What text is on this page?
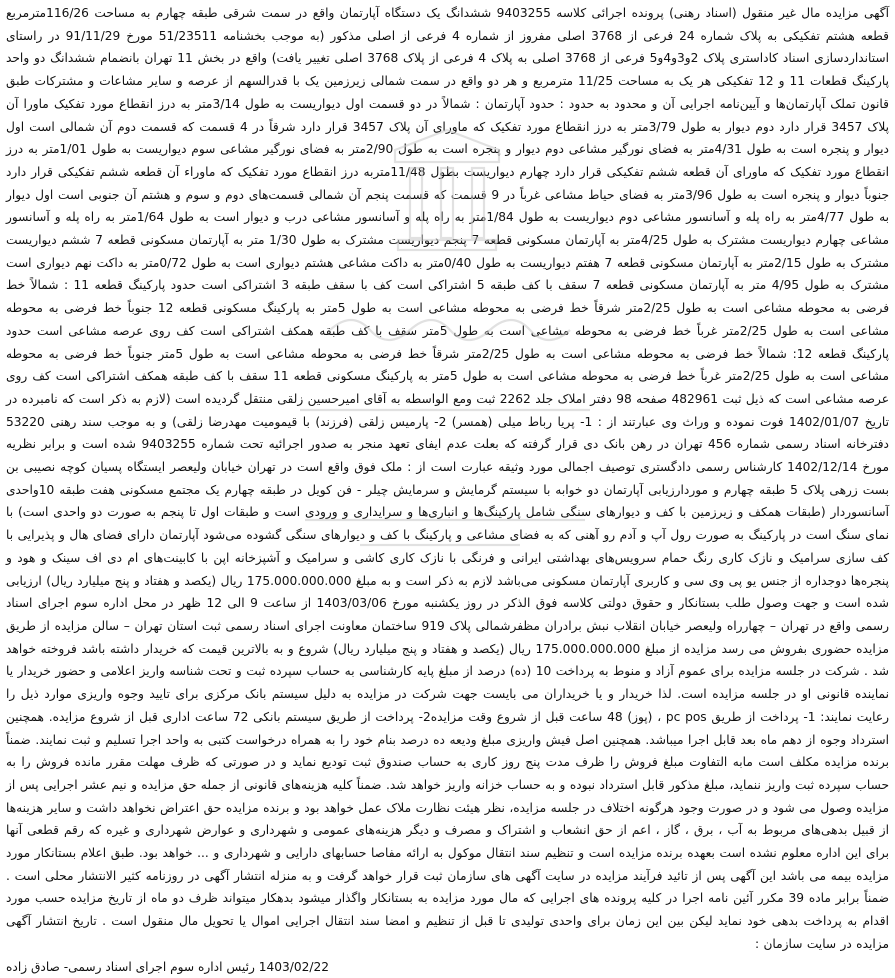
آگهی مزایده مال غیر منقول (اسناد رهنی) پرونده اجرائی کلاسه 9403255 ششدانگ یک دستگاه آپارتمان واقع در سمت شرقی طبقه چهارم به مساحت 116/26مترمربع قطعه هشتم تفکیکی به پلاک شماره 24 فرعی از 3768 اصلی مفروز از شماره 4 فرعی از اصلی مذکور (به موجب بخشنامه 51/23511 مورخ 91/11/29 در راستای استانداردسازی اسناد کاداستری پلاک 2و3و4و5 فرعی از 3768 اصلی به پلاک 4 فرعی از پلاک 3768 اصلی تغییر یافت) واقع در بخش 11 تهران بانضمام ششدانگ دو واحد پارکینگ قطعات 11 و 12 تفکیکی هر یک به مساحت 11/25 مترمربع و هر دو واقع در سمت شمالی زیرزمین یک با قدرالسهم از عرصه و سایر مشاعات و مشترکات طبق قانون تملک آپارتمان‌ها و آیین‌نامه اجرایی آن و محدود به حدود : حدود آپارتمان : شمالاً در دو قسمت اول دیواریست به طول 3/14متر به درز انقطاع مورد تفکیک ماورا آن پلاک 3457 قرار دارد دوم دیوار به طول 3/79متر به درز انقطاع مورد تفکیک که ماورای آن پلاک 3457 قرار دارد شرقاً در 4 قسمت که قسمت دوم آن شمالی است اول دیوار و پنجره است به طول 4/31متر به فضای نورگیر مشاعی دوم دیوار و پنجره است به طول 2/90متر به فضای نورگیر مشاعی سوم دیواریست به طول 1/01متر به درز انقطاع مورد تفکیک که ماورای آن قطعه ششم تفکیکی قرار دارد چهارم دیواریست بطول 11/48متربه درز انقطاع مورد تفکیک که ماوراء آن قطعه ششم تفکیکی قرار دارد جنوباً دیوار و پنجره است به طول 3/96متر به فضای حیاط مشاعی غرباً در 9 قسمت که قسمت پنجم آن شمالی قسمت‌های دوم و سوم و هشتم آن جنوبی است اول دیوار به طول 4/77متر به راه پله و آسانسور مشاعی دوم دیواریست به طول 1/84متر به راه پله و آسانسور مشاعی درب و دیوار است به طول 1/64متر به راه پله و آسانسور مشاعی چهارم دیواریست مشترک به طول 4/25متر به آپارتمان مسکونی قطعه 7 پنجم دیواریست مشترک به طول 1/30 متر به آپارتمان مسکونی قطعه 7 ششم دیواریست مشترک به طول 2/15متر به آپارتمان مسکونی قطعه 7 هفتم دیواریست به طول 0/40متر به داکت مشاعی هشتم دیواری است به طول 0/72متر به داکت نهم دیواری است مشترک به طول 4/95 متر به آپارتمان مسکونی قطعه 7 سقف با کف طبقه 5 اشتراکی است کف با سقف طبقه 3 اشتراکی است حدود پارکینگ قطعه 11 : شمالاً خط فرضی به محوطه مشاعی است به طول 2/25متر شرقاً خط فرضی به محوطه مشاعی است به طول 5متر به پارکینگ مسکونی قطعه 12 جنوباً خط فرضی به محوطه مشاعی است به طول 2/25متر غرباً خط فرضی به محوطه مشاعی است به طول 5متر سقف با کف طبقه همکف اشتراکی است کف روی عرصه مشاعی است حدود پارکینگ قطعه 12: شمالاً خط فرضی به محوطه مشاعی است به طول 2/25متر شرقاً خط فرضی به محوطه مشاعی است به طول 5متر جنوباً خط فرضی به محوطه مشاعی است به طول 2/25متر غرباً خط فرضی به محوطه مشاعی است به طول 5متر به پارکینگ مسکونی قطعه 11 سقف با کف طبقه همکف اشتراکی است کف روی عرصه مشاعی است که ذیل ثبت 482961 صفحه 98 دفتر املاک جلد 2262 ثبت ومع الواسطه به آقای امیرحسین زلقی منتقل گردیده است (لازم به ذکر است که نامبرده در تاریخ 1402/01/07 فوت نموده و وراث وی عبارتند از : 1- پریا رباط میلی (همسر) 2- پارمیس زلقی (فرزند) با قیمومیت مهدرضا زلقی) و به موجب سند رهنی 53220 دفترخانه اسناد رسمی شماره 456 تهران در رهن بانک دی قرار گرفته که بعلت عدم ایفای تعهد منجر به صدور اجرائیه تحت شماره 9403255 شده است و برابر نظریه مورخ 1402/12/14 کارشناس رسمی دادگستری توصیف اجمالی مورد وثیقه عبارت است از : ملک فوق واقع است در تهران خیابان ولیعصر ایستگاه پسیان کوچه نصیبی بن بست زرهی پلاک 5 طبقه چهارم و موردارزیابی آپارتمان دو خوابه با سیستم گرمایش و سرمایش چیلر - فن کویل در طبقه چهارم یک مجتمع مسکونی هفت طبقه 10واحدی آسانسوردار (طبقات همکف و زیرزمین با کف و دیوارهای سنگی شامل پارکینگ‌ها و انباری‌ها و سرایداری و ورودی است و طبقات اول تا پنجم به صورت دو واحدی است) با نمای سنگ است در پارکینگ به صورت رول آپ و آدم رو آهنی که به فضای مشاعی و پارکینگ با کف و دیوارهای سنگی گشوده می‌شود آپارتمان دارای فضای هال و پذیرایی با کف سازی سرامیک و نازک کاری رنگ حمام سرویس‌های بهداشتی ایرانی و فرنگی با نازک کاری کاشی و سرامیک و آشپزخانه اپن با کابینت‌های ام دی اف سینک و هود و پنجره‌ها دوجداره از جنس یو پی وی سی و کاربری آپارتمان مسکونی می‌باشد لازم به ذکر است و به مبلغ 175.000.000.000 ریال (یکصد و هفتاد و پنج میلیارد ریال) ارزیابی شده است و جهت وصول طلب بستانکار و حقوق دولتی کلاسه فوق الذکر در روز یکشنبه مورخ 1403/03/06 از ساعت 9 الی 12 ظهر در محل اداره سوم اجرای اسناد رسمی واقع در تهران – چهارراه ولیعصر خیابان انقلاب نبش برادران مظفرشمالی پلاک 919 ساختمان معاونت اجرای اسناد رسمی ثبت استان تهران – سالن مزایده از طریق مزایده حضوری بفروش می رسد مزایده از مبلغ 175.000.000.000 ریال (یکصد و هفتاد و پنج میلیارد ریال) شروع و به بالاترین قیمت که خریدار داشته باشد فروخته خواهد شد . شرکت در جلسه مزایده برای عموم آزاد و منوط به پرداخت 10 (ده) درصد از مبلغ پایه کارشناسی به حساب سپرده ثبت و تحت شناسه واریز اعلامی و حضور خریدار یا نماینده قانونی او در جلسه مزایده است. لذا خریدار و یا خریداران می بایست جهت شرکت در مزایده به دلیل سیستم بانک مرکزی برای تایید وجوه واریزی موارد ذیل را رعایت نمایند: 1- پرداخت از طریق pc pos ، (پوز) 48 ساعت قبل از شروع وقت مزایده2- پرداخت از طریق سیستم بانکی 72 ساعت اداری قبل از شروع مزایده. همچنین استرداد وجوه از دهم ماه بعد قابل اجرا میباشد. همچنین اصل فیش واریزی مبلغ ودیعه ده درصد بنام خود را به همراه درخواست کتبی به واحد اجرا تسلیم و ثبت نمایند. ضمناً برنده مزایده مکلف است مابه التفاوت مبلغ فروش را ظرف مدت پنج روز کاری به حساب صندوق ثبت تودیع نماید و در صورتی که ظرف مهلت مقرر مانده فروش را به حساب سپرده ثبت واریز ننماید، مبلغ مذکور قابل استرداد نبوده و به حساب خزانه واریز خواهد شد. ضمناً کلیه هزینه‌های قانونی از جمله حق مزایده و نیم عشر اجرایی پس از مزایده وصول می شود و در صورت وجود هرگونه اختلاف در جلسه مزایده، نظر هیئت نظارت ملاک عمل خواهد بود و برنده مزایده حق اعتراض نخواهد داشت و سایر هزینه‌ها از قبیل بدهی‌های مربوط به آب ، برق ، گاز ، اعم از حق انشعاب و اشتراک و مصرف و دیگر هزینه‌های عمومی و شهرداری و عوارض شهرداری و غیره که رقم قطعی آنها برای این اداره معلوم نشده است بعهده برنده مزایده است و تنظیم سند انتقال موکول به ارائه مفاصا حسابهای دارایی و شهرداری و ... خواهد بود. طبق اعلام بستانکار مورد مزایده بیمه می باشد این آگهی پس از تائید فرآیند مزایده در سایت آگهی های سازمان ثبت قرار خواهد گرفت و به منزله انتشار آگهی در روزنامه کثیر الانتشار محلی است . ضمناً برابر ماده 39 مکرر آئین نامه اجرا در کلیه پرونده های اجرایی که مال مورد مزایده به بستانکار واگذار میشود بدهکار میتواند ظرف دو ماه از تاریخ مزایده حسب مورد اقدام به پرداخت بدهی خود نماید لیکن بین این زمان برای واحدی تولیدی تا قبل از تنظیم و امضا سند انتقال اجرایی اموال یا تحویل مال منقول است . تاریخ انتشار آگهی مزایده در سایت سازمان :

1403/02/22 رئیس اداره سوم اجرای اسناد رسمی- صادق زاده
